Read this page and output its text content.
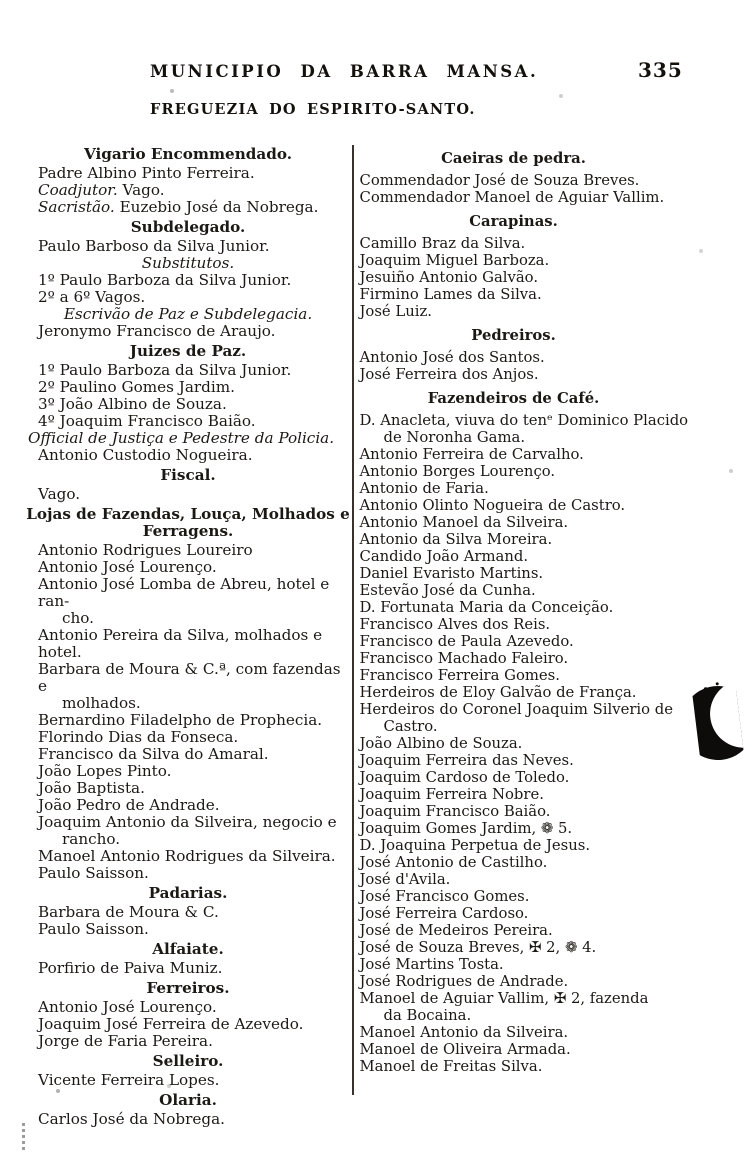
MUNICIPIO DA BARRA MANSA.	335
FREGUEZIA DO ESPIRITO-SANTO.
Vigario Encommendado.
Padre Albino Pinto Ferreira.
Coadjutor. Vago.
Sacristão. Euzebio José da Nobrega.
Subdelegado.
Paulo Barboso da Silva Junior.
Substitutos.
1º Paulo Barboza da Silva Junior.
2º a 6º Vagos.
Escrivão de Paz e Subdelegacia.
Jeronymo Francisco de Araujo.
Juizes de Paz.
1º Paulo Barboza da Silva Junior.
2º Paulino Gomes Jardim.
3º João Albino de Souza.
4º Joaquim Francisco Baião.
Official de Justiça e Pedestre da Policia.
Antonio Custodio Nogueira.
Fiscal.
Vago.
Lojas de Fazendas, Louça, Molhados e
Ferragens.
Antonio Rodrigues Loureiro
Antonio José Lourenço.
Antonio José Lomba de Abreu, hotel e ran-
cho.
Antonio Pereira da Silva, molhados e hotel.
Barbara de Moura & C.ª, com fazendas e
molhados.
Bernardino Filadelpho de Prophecia.
Florindo Dias da Fonseca.
Francisco da Silva do Amaral.
João Lopes Pinto.
João Baptista.
João Pedro de Andrade.
Joaquim Antonio da Silveira, negocio e
rancho.
Manoel Antonio Rodrigues da Silveira.
Paulo Saisson.
Padarias.
Barbara de Moura & C.
Paulo Saisson.
Alfaiate.
Porfirio de Paiva Muniz.
Ferreiros.
Antonio José Lourenço.
Joaquim José Ferreira de Azevedo.
Jorge de Faria Pereira.
Selleiro.
Vicente Ferreira Lopes.
Olaria.
Carlos José da Nobrega.
Caeiras de pedra.
Commendador José de Souza Breves.
Commendador Manoel de Aguiar Vallim.
Carapinas.
Camillo Braz da Silva.
Joaquim Miguel Barboza.
Jesuiño Antonio Galvão.
Firmino Lames da Silva.
José Luiz.
Pedreiros.
Antonio José dos Santos.
José Ferreira dos Anjos.
Fazendeiros de Café.
D. Anacleta, viuva do tenᵉ Dominico Placido
de Noronha Gama.
Antonio Ferreira de Carvalho.
Antonio Borges Lourenço.
Antonio de Faria.
Antonio Olinto Nogueira de Castro.
Antonio Manoel da Silveira.
Antonio da Silva Moreira.
Candido João Armand.
Daniel Evaristo Martins.
Estevão José da Cunha.
D. Fortunata Maria da Conceição.
Francisco Alves dos Reis.
Francisco de Paula Azevedo.
Francisco Machado Faleiro.
Francisco Ferreira Gomes.
Herdeiros de Eloy Galvão de França.
Herdeiros do Coronel Joaquim Silverio de
Castro.
João Albino de Souza.
Joaquim Ferreira das Neves.
Joaquim Cardoso de Toledo.
Joaquim Ferreira Nobre.
Joaquim Francisco Baião.
Joaquim Gomes Jardim, ❁ 5.
D. Joaquina Perpetua de Jesus.
José Antonio de Castilho.
José d'Avila.
José Francisco Gomes.
José Ferreira Cardoso.
José de Medeiros Pereira.
José de Souza Breves, ✠ 2, ❁ 4.
José Martins Tosta.
José Rodrigues de Andrade.
Manoel de Aguiar Vallim, ✠ 2, fazenda
da Bocaina.
Manoel Antonio da Silveira.
Manoel de Oliveira Armada.
Manoel de Freitas Silva.
